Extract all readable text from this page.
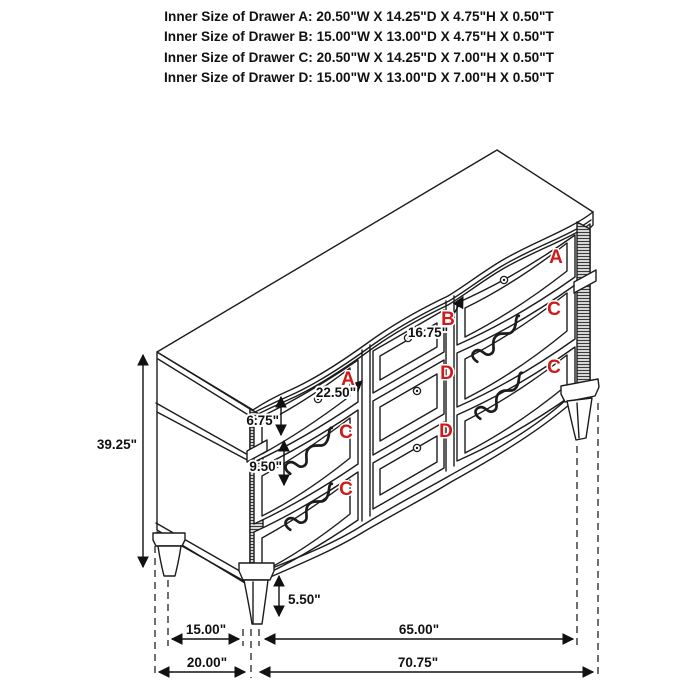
Inner Size of Drawer A: 20.50"W X 14.25"D X 4.75"H X 0.50"T
Inner Size of Drawer B: 15.00"W X 13.00"D X 4.75"H X 0.50"T
Inner Size of Drawer C: 20.50"W X 14.25"D X 7.00"H X 0.50"T
Inner Size of Drawer D: 15.00"W X 13.00"D X 7.00"H X 0.50"T
39.25"
6.75"
9.50"
22.50"
16.75"
5.50"
15.00"	65.00"
20.00"	70.75"
A
C
C
B
D
D
A
C
C
